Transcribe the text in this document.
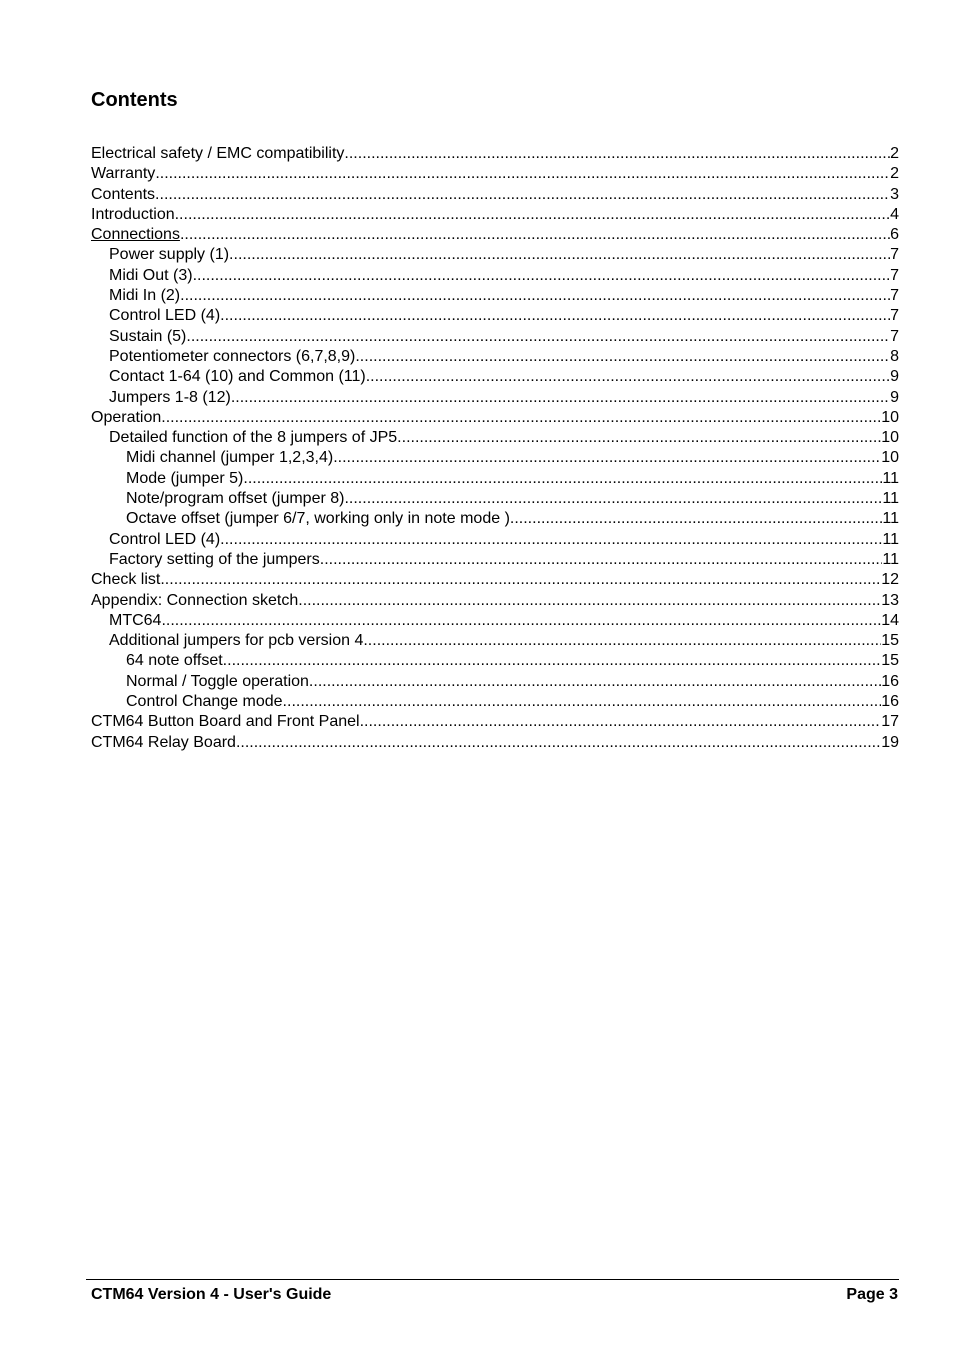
Contents
Electrical safety / EMC compatibility .....	2
Warranty .....	2
Contents .....	3
Introduction .....	4
Connections .....	6
Power supply (1) .....	7
Midi Out (3) .....	7
Midi In (2) .....	7
Control LED (4) .....	7
Sustain (5) .....	7
Potentiometer connectors (6,7,8,9) .....	8
Contact 1-64 (10) and Common (11) .....	9
Jumpers 1-8 (12) .....	9
Operation .....	10
Detailed function of the 8 jumpers of JP5 .....	10
Midi channel (jumper 1,2,3,4) .....	10
Mode (jumper 5) .....	11
Note/program offset (jumper 8) .....	11
Octave offset (jumper 6/7, working only in note mode ) .....	11
Control LED (4) .....	11
Factory setting of the jumpers .....	11
Check list .....	12
Appendix: Connection sketch .....	13
MTC64 .....	14
Additional jumpers for pcb version 4 .....	15
64 note offset .....	15
Normal / Toggle operation .....	16
Control Change mode .....	16
CTM64 Button Board and Front Panel .....	17
CTM64 Relay Board .....	19
CTM64 Version 4 - User's Guide	Page 3
